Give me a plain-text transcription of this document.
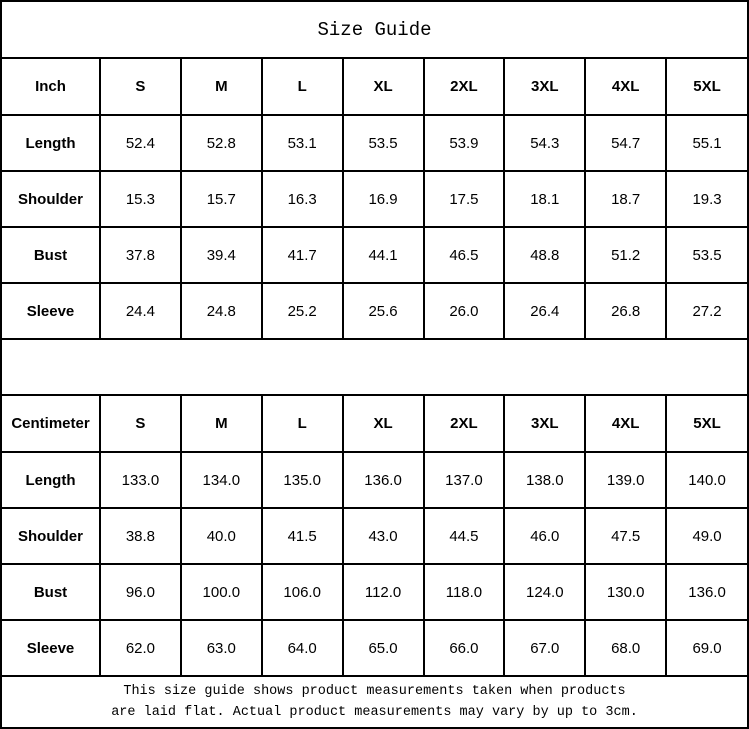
Size Guide
Inch	S	M	L	XL	2XL	3XL	4XL	5XL
Length	52.4	52.8	53.1	53.5	53.9	54.3	54.7	55.1
Shoulder	15.3	15.7	16.3	16.9	17.5	18.1	18.7	19.3
Bust	37.8	39.4	41.7	44.1	46.5	48.8	51.2	53.5
Sleeve	24.4	24.8	25.2	25.6	26.0	26.4	26.8	27.2
Centimeter	S	M	L	XL	2XL	3XL	4XL	5XL
Length	133.0	134.0	135.0	136.0	137.0	138.0	139.0	140.0
Shoulder	38.8	40.0	41.5	43.0	44.5	46.0	47.5	49.0
Bust	96.0	100.0	106.0	112.0	118.0	124.0	130.0	136.0
Sleeve	62.0	63.0	64.0	65.0	66.0	67.0	68.0	69.0
This size guide shows product measurements taken when products
are laid flat. Actual product measurements may vary by up to 3cm.
